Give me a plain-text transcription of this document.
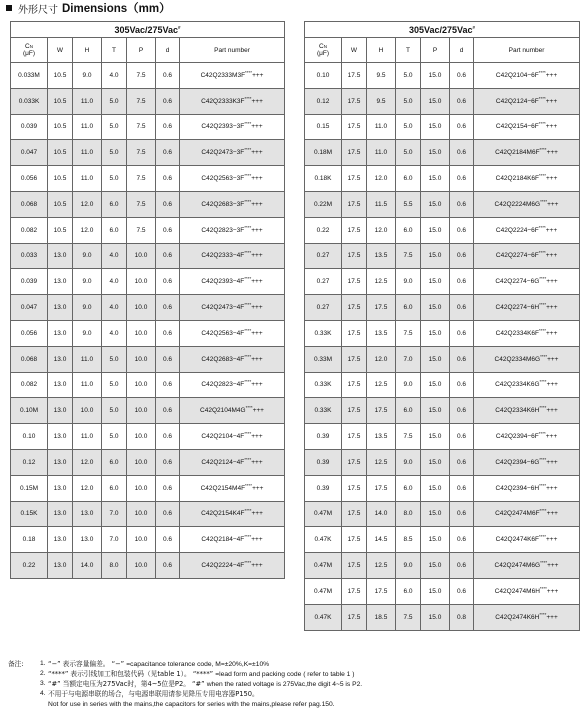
外形尺寸 Dimensions（mm）
305Vac/275Vac#
CN
(μF)	W	H	T	P	d	Part number
0.033M	10.5	9.0	4.0	7.5	0.6	C42Q2333M3F****+++
0.033K	10.5	11.0	5.0	7.5	0.6	C42Q2333K3F****+++
0.039	10.5	11.0	5.0	7.5	0.6	C42Q2393−3F****+++
0.047	10.5	11.0	5.0	7.5	0.6	C42Q2473−3F****+++
0.056	10.5	11.0	5.0	7.5	0.6	C42Q2563−3F****+++
0.068	10.5	12.0	6.0	7.5	0.6	C42Q2683−3F****+++
0.082	10.5	12.0	6.0	7.5	0.6	C42Q2823−3F****+++
0.033	13.0	9.0	4.0	10.0	0.6	C42Q2333−4F****+++
0.039	13.0	9.0	4.0	10.0	0.6	C42Q2393−4F****+++
0.047	13.0	9.0	4.0	10.0	0.6	C42Q2473−4F****+++
0.056	13.0	9.0	4.0	10.0	0.6	C42Q2563−4F****+++
0.068	13.0	11.0	5.0	10.0	0.6	C42Q2683−4F****+++
0.082	13.0	11.0	5.0	10.0	0.6	C42Q2823−4F****+++
0.10M	13.0	10.0	5.0	10.0	0.6	C42Q2104M4G****+++
0.10	13.0	11.0	5.0	10.0	0.6	C42Q2104−4F****+++
0.12	13.0	12.0	6.0	10.0	0.6	C42Q2124−4F****+++
0.15M	13.0	12.0	6.0	10.0	0.6	C42Q2154M4F****+++
0.15K	13.0	13.0	7.0	10.0	0.6	C42Q2154K4F****+++
0.18	13.0	13.0	7.0	10.0	0.6	C42Q2184−4F****+++
0.22	13.0	14.0	8.0	10.0	0.6	C42Q2224−4F****+++
305Vac/275Vac#
CN
(μF)	W	H	T	P	d	Part number
0.10	17.5	9.5	5.0	15.0	0.6	C42Q2104−6F****+++
0.12	17.5	9.5	5.0	15.0	0.6	C42Q2124−6F****+++
0.15	17.5	11.0	5.0	15.0	0.6	C42Q2154−6F****+++
0.18M	17.5	11.0	5.0	15.0	0.6	C42Q2184M6F****+++
0.18K	17.5	12.0	6.0	15.0	0.6	C42Q2184K6F****+++
0.22M	17.5	11.5	5.5	15.0	0.6	C42Q2224M6G****+++
0.22	17.5	12.0	6.0	15.0	0.6	C42Q2224−6F****+++
0.27	17.5	13.5	7.5	15.0	0.6	C42Q2274−6F****+++
0.27	17.5	12.5	9.0	15.0	0.6	C42Q2274−6G****+++
0.27	17.5	17.5	6.0	15.0	0.6	C42Q2274−6H****+++
0.33K	17.5	13.5	7.5	15.0	0.6	C42Q2334K6F****+++
0.33M	17.5	12.0	7.0	15.0	0.6	C42Q2334M6G****+++
0.33K	17.5	12.5	9.0	15.0	0.6	C42Q2334K6G****+++
0.33K	17.5	17.5	6.0	15.0	0.6	C42Q2334K6H****+++
0.39	17.5	13.5	7.5	15.0	0.6	C42Q2394−6F****+++
0.39	17.5	12.5	9.0	15.0	0.6	C42Q2394−6G****+++
0.39	17.5	17.5	6.0	15.0	0.6	C42Q2394−6H****+++
0.47M	17.5	14.0	8.0	15.0	0.6	C42Q2474M6F****+++
0.47K	17.5	14.5	8.5	15.0	0.6	C42Q2474K6F****+++
0.47M	17.5	12.5	9.0	15.0	0.6	C42Q2474M6G****+++
0.47M	17.5	17.5	6.0	15.0	0.6	C42Q2474M6H****+++
0.47K	17.5	18.5	7.5	15.0	0.8	C42Q2474K6H****+++
备注:	1. “−” 表示容量偏差。 “−” =capacitance tolerance code, M=±20%,K=±10%
2. “****” 表示引线加工和包装代码（见table 1）。 “****” =lead form and packing code ( refer to table 1 )
3. “#” 当额定电压为275Vac时，第4~5位是P2。 “#” when the rated voltage is 275Vac,the digit 4~5 is P2.
4. 不用于与电源串联的场合，与电源串联用请参见降压专用电容器P150。
Not for use in series with the mains,the capacitors for series with the mains,please refer pag.150.
